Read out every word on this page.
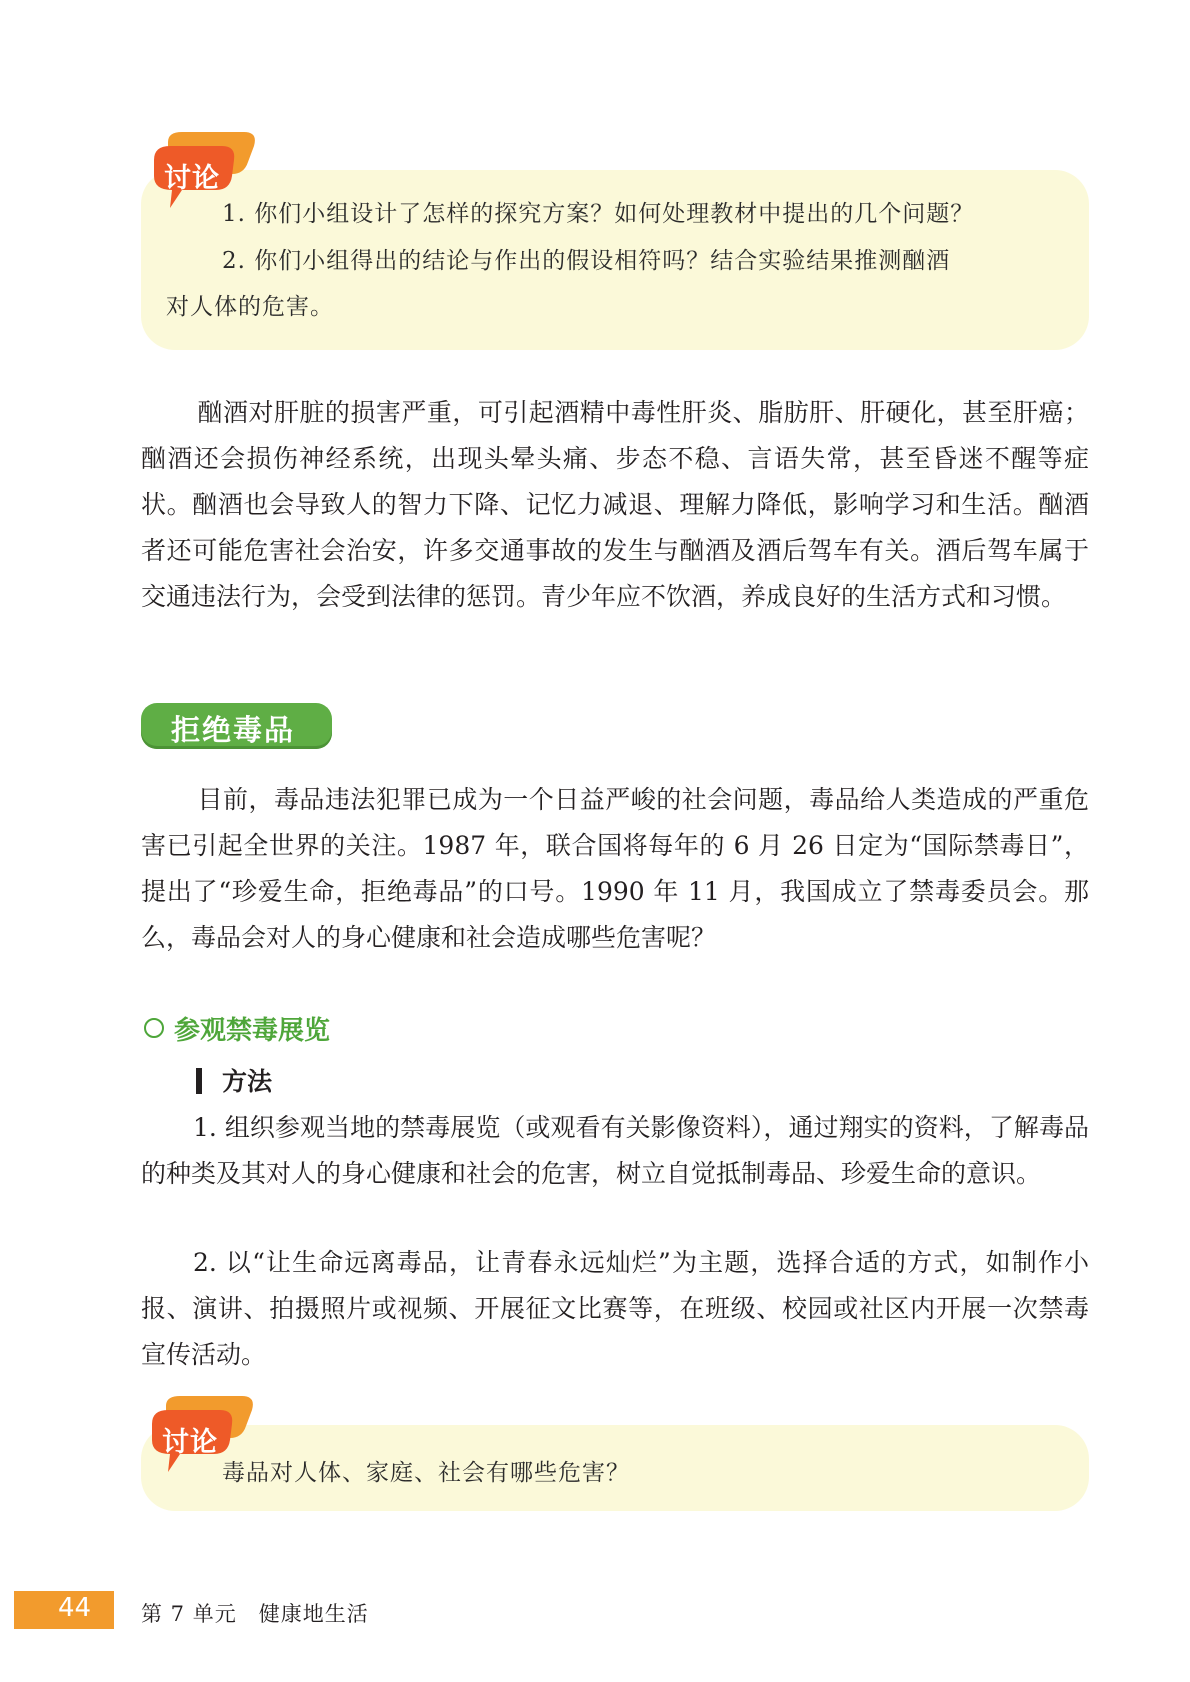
讨论
1. 你们小组设计了怎样的探究方案？如何处理教材中提出的几个问题？
2. 你们小组得出的结论与作出的假设相符吗？结合实验结果推测酗酒
对人体的危害。

酗酒对肝脏的损害严重，可引起酒精中毒性肝炎、脂肪肝、肝硬化，甚至肝癌；酗酒还会损伤神经系统，出现头晕头痛、步态不稳、言语失常，甚至昏迷不醒等症状。酗酒也会导致人的智力下降、记忆力减退、理解力降低，影响学习和生活。酗酒者还可能危害社会治安，许多交通事故的发生与酗酒及酒后驾车有关。酒后驾车属于交通违法行为，会受到法律的惩罚。青少年应不饮酒，养成良好的生活方式和习惯。

拒绝毒品

目前，毒品违法犯罪已成为一个日益严峻的社会问题，毒品给人类造成的严重危害已引起全世界的关注。1987 年，联合国将每年的 6 月 26 日定为“国际禁毒日”，提出了“珍爱生命，拒绝毒品”的口号。1990 年 11 月，我国成立了禁毒委员会。那么，毒品会对人的身心健康和社会造成哪些危害呢？

参观禁毒展览
方法

1. 组织参观当地的禁毒展览（或观看有关影像资料），通过翔实的资料，了解毒品的种类及其对人的身心健康和社会的危害，树立自觉抵制毒品、珍爱生命的意识。

2. 以“让生命远离毒品，让青春永远灿烂”为主题，选择合适的方式，如制作小报、演讲、拍摄照片或视频、开展征文比赛等，在班级、校园或社区内开展一次禁毒宣传活动。

讨论
毒品对人体、家庭、社会有哪些危害？
44 第 7 单元　健康地生活
